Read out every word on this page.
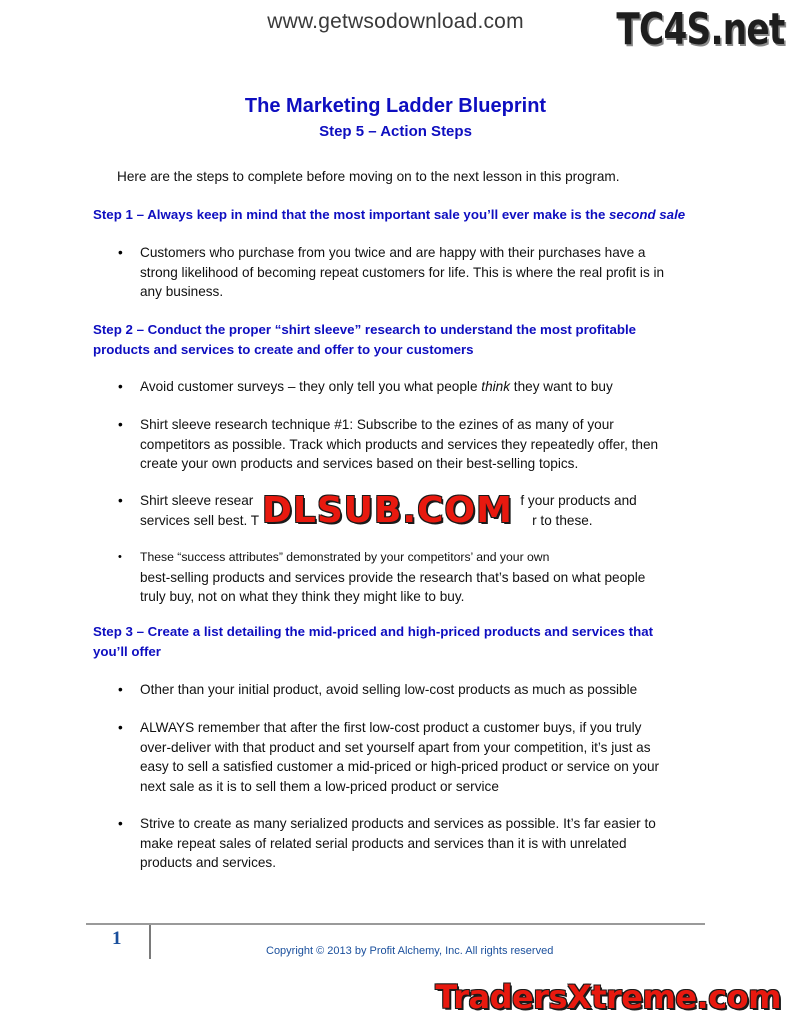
www.getwsodownload.com	TC4S.net
The Marketing Ladder Blueprint
Step 5 – Action Steps
Here are the steps to complete before moving on to the next lesson in this program.
Step 1 – Always keep in mind that the most important sale you’ll ever make is the second sale
• Customers who purchase from you twice and are happy with their purchases have a
strong likelihood of becoming repeat customers for life. This is where the real profit is in
any business.
Step 2 – Conduct the proper “shirt sleeve” research to understand the most profitable
products and services to create and offer to your customers
• Avoid customer surveys – they only tell you what people think they want to buy
• Shirt sleeve research technique #1: Subscribe to the ezines of as many of your
competitors as possible. Track which products and services they repeatedly offer, then
create your own products and services based on their best-selling topics.
• Shirt sleeve resear	f your products and
services sell best. T	r to these.
• These “success attributes” demonstrated by your competitors’ and your own
best-selling products and services provide the research that’s based on what people
truly buy, not on what they think they might like to buy.
Step 3 – Create a list detailing the mid-priced and high-priced products and services that
you’ll offer
• Other than your initial product, avoid selling low-cost products as much as possible
• ALWAYS remember that after the first low-cost product a customer buys, if you truly
over-deliver with that product and set yourself apart from your competition, it’s just as
easy to sell a satisfied customer a mid-priced or high-priced product or service on your
next sale as it is to sell them a low-priced product or service
• Strive to create as many serialized products and services as possible. It’s far easier to
make repeat sales of related serial products and services than it is with unrelated
products and services.
DLSUB.COM
1
Copyright © 2013 by Profit Alchemy, Inc. All rights reserved
TradersXtreme.com
